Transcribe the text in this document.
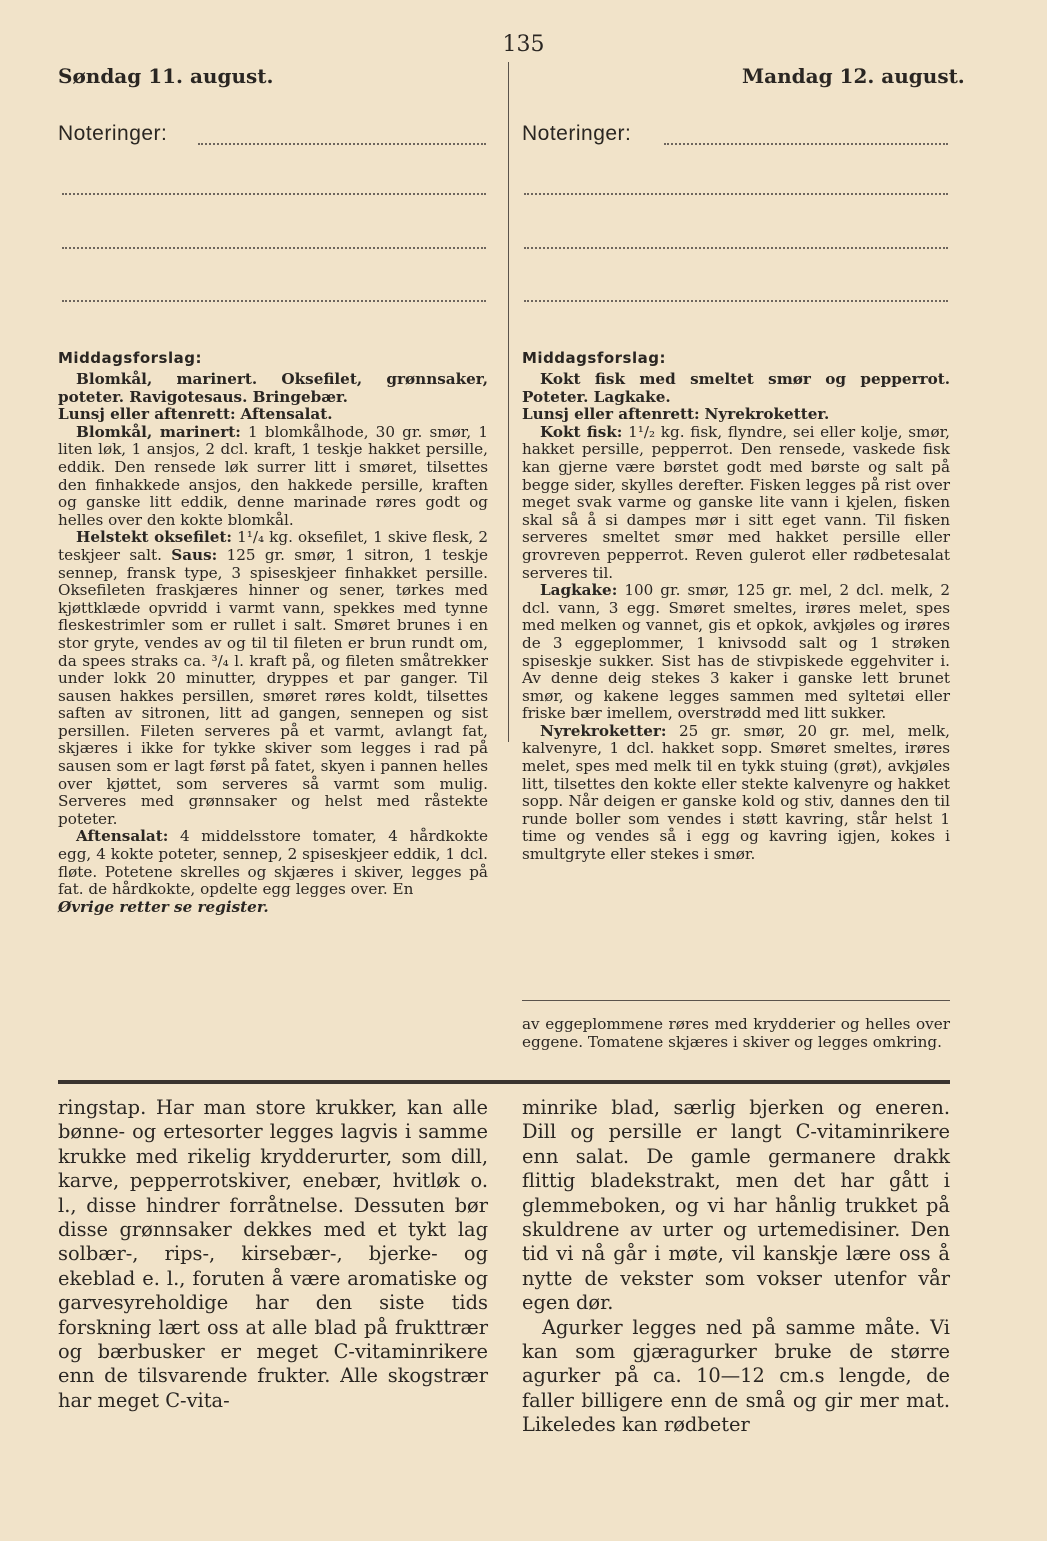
135
Søndag 11. august.	Mandag 12. august.
Noteringer:	Noteringer:
Middagsforslag:	Middagsforslag:

Blomkål, marinert. Oksefilet, grønnsaker, poteter. Ravigotesaus. Bringebær.

Lunsj eller aftenrett: Aftensalat.

Blomkål, marinert: 1 blomkålhode, 30 gr. smør, 1 liten løk, 1 ansjos, 2 dcl. kraft, 1 teskje hakket persille, eddik. Den rensede løk surrer litt i smøret, tilsettes den finhakkede ansjos, den hakkede persille, kraften og ganske litt eddik, denne marinade røres godt og helles over den kokte blomkål.

Helstekt oksefilet: 1¹/₄ kg. oksefilet, 1 skive flesk, 2 teskjeer salt. Saus: 125 gr. smør, 1 sitron, 1 teskje sennep, fransk type, 3 spiseskjeer finhakket persille. Oksefileten fraskjæres hinner og sener, tørkes med kjøttklæde opvridd i varmt vann, spekkes med tynne fleskestrimler som er rullet i salt. Smøret brunes i en stor gryte, vendes av og til til fileten er brun rundt om, da spees straks ca. ³/₄ l. kraft på, og fileten småtrekker under lokk 20 minutter, dryppes et par ganger. Til sausen hakkes persillen, smøret røres koldt, tilsettes saften av sitronen, litt ad gangen, sennepen og sist persillen. Fileten serveres på et varmt, avlangt fat, skjæres i ikke for tykke skiver som legges i rad på sausen som er lagt først på fatet, skyen i pannen helles over kjøttet, som serveres så varmt som mulig. Serveres med grønnsaker og helst med råstekte poteter.

Aftensalat: 4 middelsstore tomater, 4 hårdkokte egg, 4 kokte poteter, sennep, 2 spiseskjeer eddik, 1 dcl. fløte. Potetene skrelles og skjæres i skiver, legges på fat. de hårdkokte, opdelte egg legges over. En

Øvrige retter se register.

Kokt fisk med smeltet smør og pepperrot. Poteter. Lagkake.

Lunsj eller aftenrett: Nyrekroketter.

Kokt fisk: 1¹/₂ kg. fisk, flyndre, sei eller kolje, smør, hakket persille, pepperrot. Den rensede, vaskede fisk kan gjerne være børstet godt med børste og salt på begge sider, skylles derefter. Fisken legges på rist over meget svak varme og ganske lite vann i kjelen, fisken skal så å si dampes mør i sitt eget vann. Til fisken serveres smeltet smør med hakket persille eller grovreven pepperrot. Reven gulerot eller rødbetesalat serveres til.

Lagkake: 100 gr. smør, 125 gr. mel, 2 dcl. melk, 2 dcl. vann, 3 egg. Smøret smeltes, irøres melet, spes med melken og vannet, gis et opkok, avkjøles og irøres de 3 eggeplommer, 1 knivsodd salt og 1 strøken spiseskje sukker. Sist has de stivpiskede eggehviter i. Av denne deig stekes 3 kaker i ganske lett brunet smør, og kakene legges sammen med syltetøi eller friske bær imellem, overstrødd med litt sukker.

Nyrekroketter: 25 gr. smør, 20 gr. mel, melk, kalvenyre, 1 dcl. hakket sopp. Smøret smeltes, irøres melet, spes med melk til en tykk stuing (grøt), avkjøles litt, tilsettes den kokte eller stekte kalvenyre og hakket sopp. Når deigen er ganske kold og stiv, dannes den til runde boller som vendes i støtt kavring, står helst 1 time og vendes så i egg og kavring igjen, kokes i smultgryte eller stekes i smør.

av eggeplommene røres med krydderier og helles over eggene. Tomatene skjæres i skiver og legges omkring.

ringstap. Har man store krukker, kan alle bønne- og ertesorter legges lagvis i samme krukke med rikelig krydderurter, som dill, karve, pepperrotskiver, enebær, hvitløk o. l., disse hindrer forråtnelse. Dessuten bør disse grønnsaker dekkes med et tykt lag solbær-, rips-, kirsebær-, bjerke- og ekeblad e. l., foruten å være aromatiske og garvesyreholdige har den siste tids forskning lært oss at alle blad på frukttrær og bærbusker er meget C-vitaminrikere enn de tilsvarende frukter. Alle skogstrær har meget C-vita-

minrike blad, særlig bjerken og eneren. Dill og persille er langt C-vitaminrikere enn salat. De gamle germanere drakk flittig bladekstrakt, men det har gått i glemmeboken, og vi har hånlig trukket på skuldrene av urter og urtemedisiner. Den tid vi nå går i møte, vil kanskje lære oss å nytte de vekster som vokser utenfor vår egen dør.

Agurker legges ned på samme måte. Vi kan som gjæragurker bruke de større agurker på ca. 10—12 cm.s lengde, de faller billigere enn de små og gir mer mat. Likeledes kan rødbeter
